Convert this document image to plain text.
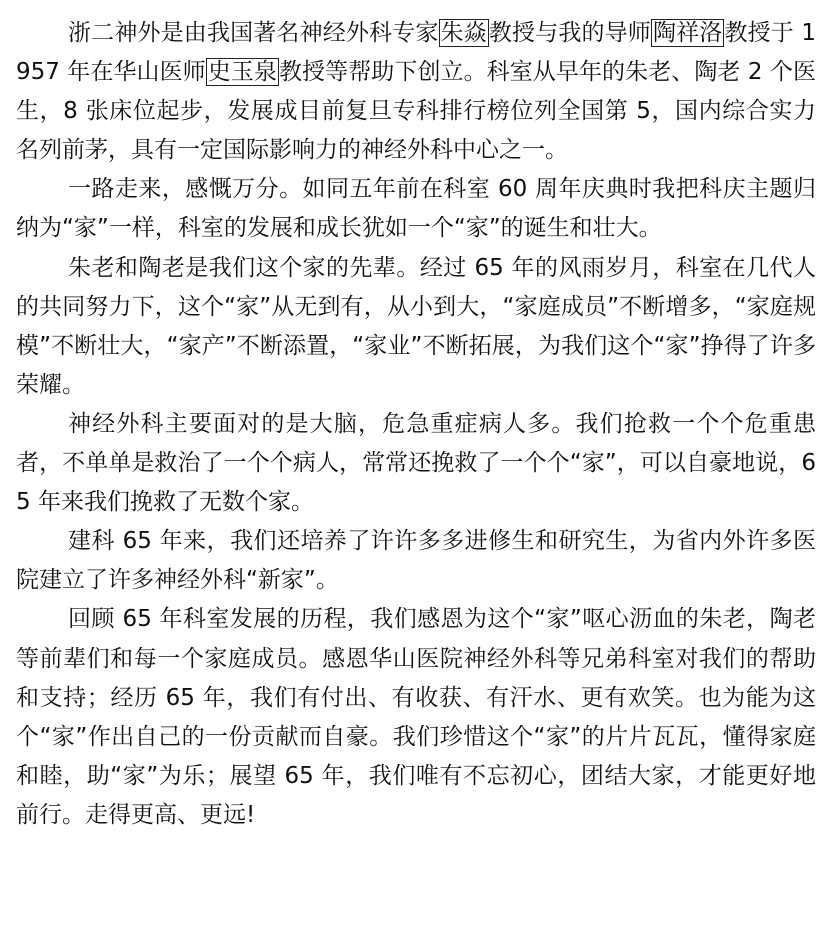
浙二神外是由我国著名神经外科专家朱焱教授与我的导师陶祥洛教授于 1957 年在华山医师史玉泉教授等帮助下创立。科室从早年的朱老、陶老 2 个医生，8 张床位起步，发展成目前复旦专科排行榜位列全国第 5，国内综合实力名列前茅，具有一定国际影响力的神经外科中心之一。

一路走来，感慨万分。如同五年前在科室 60 周年庆典时我把科庆主题归纳为“家”一样，科室的发展和成长犹如一个“家”的诞生和壮大。

朱老和陶老是我们这个家的先辈。经过 65 年的风雨岁月，科室在几代人的共同努力下，这个“家”从无到有，从小到大，“家庭成员”不断增多，“家庭规模”不断壮大，“家产”不断添置，“家业”不断拓展，为我们这个“家”挣得了许多荣耀。

神经外科主要面对的是大脑，危急重症病人多。我们抢救一个个危重患者，不单单是救治了一个个病人，常常还挽救了一个个“家”，可以自豪地说，65 年来我们挽救了无数个家。

建科 65 年来，我们还培养了许许多多进修生和研究生，为省内外许多医院建立了许多神经外科“新家”。

回顾 65 年科室发展的历程，我们感恩为这个“家”呕心沥血的朱老，陶老等前辈们和每一个家庭成员。感恩华山医院神经外科等兄弟科室对我们的帮助和支持；经历 65 年，我们有付出、有收获、有汗水、更有欢笑。也为能为这个“家”作出自己的一份贡献而自豪。我们珍惜这个“家”的片片瓦瓦，懂得家庭和睦，助“家”为乐；展望 65 年，我们唯有不忘初心，团结大家，才能更好地前行。走得更高、更远!
